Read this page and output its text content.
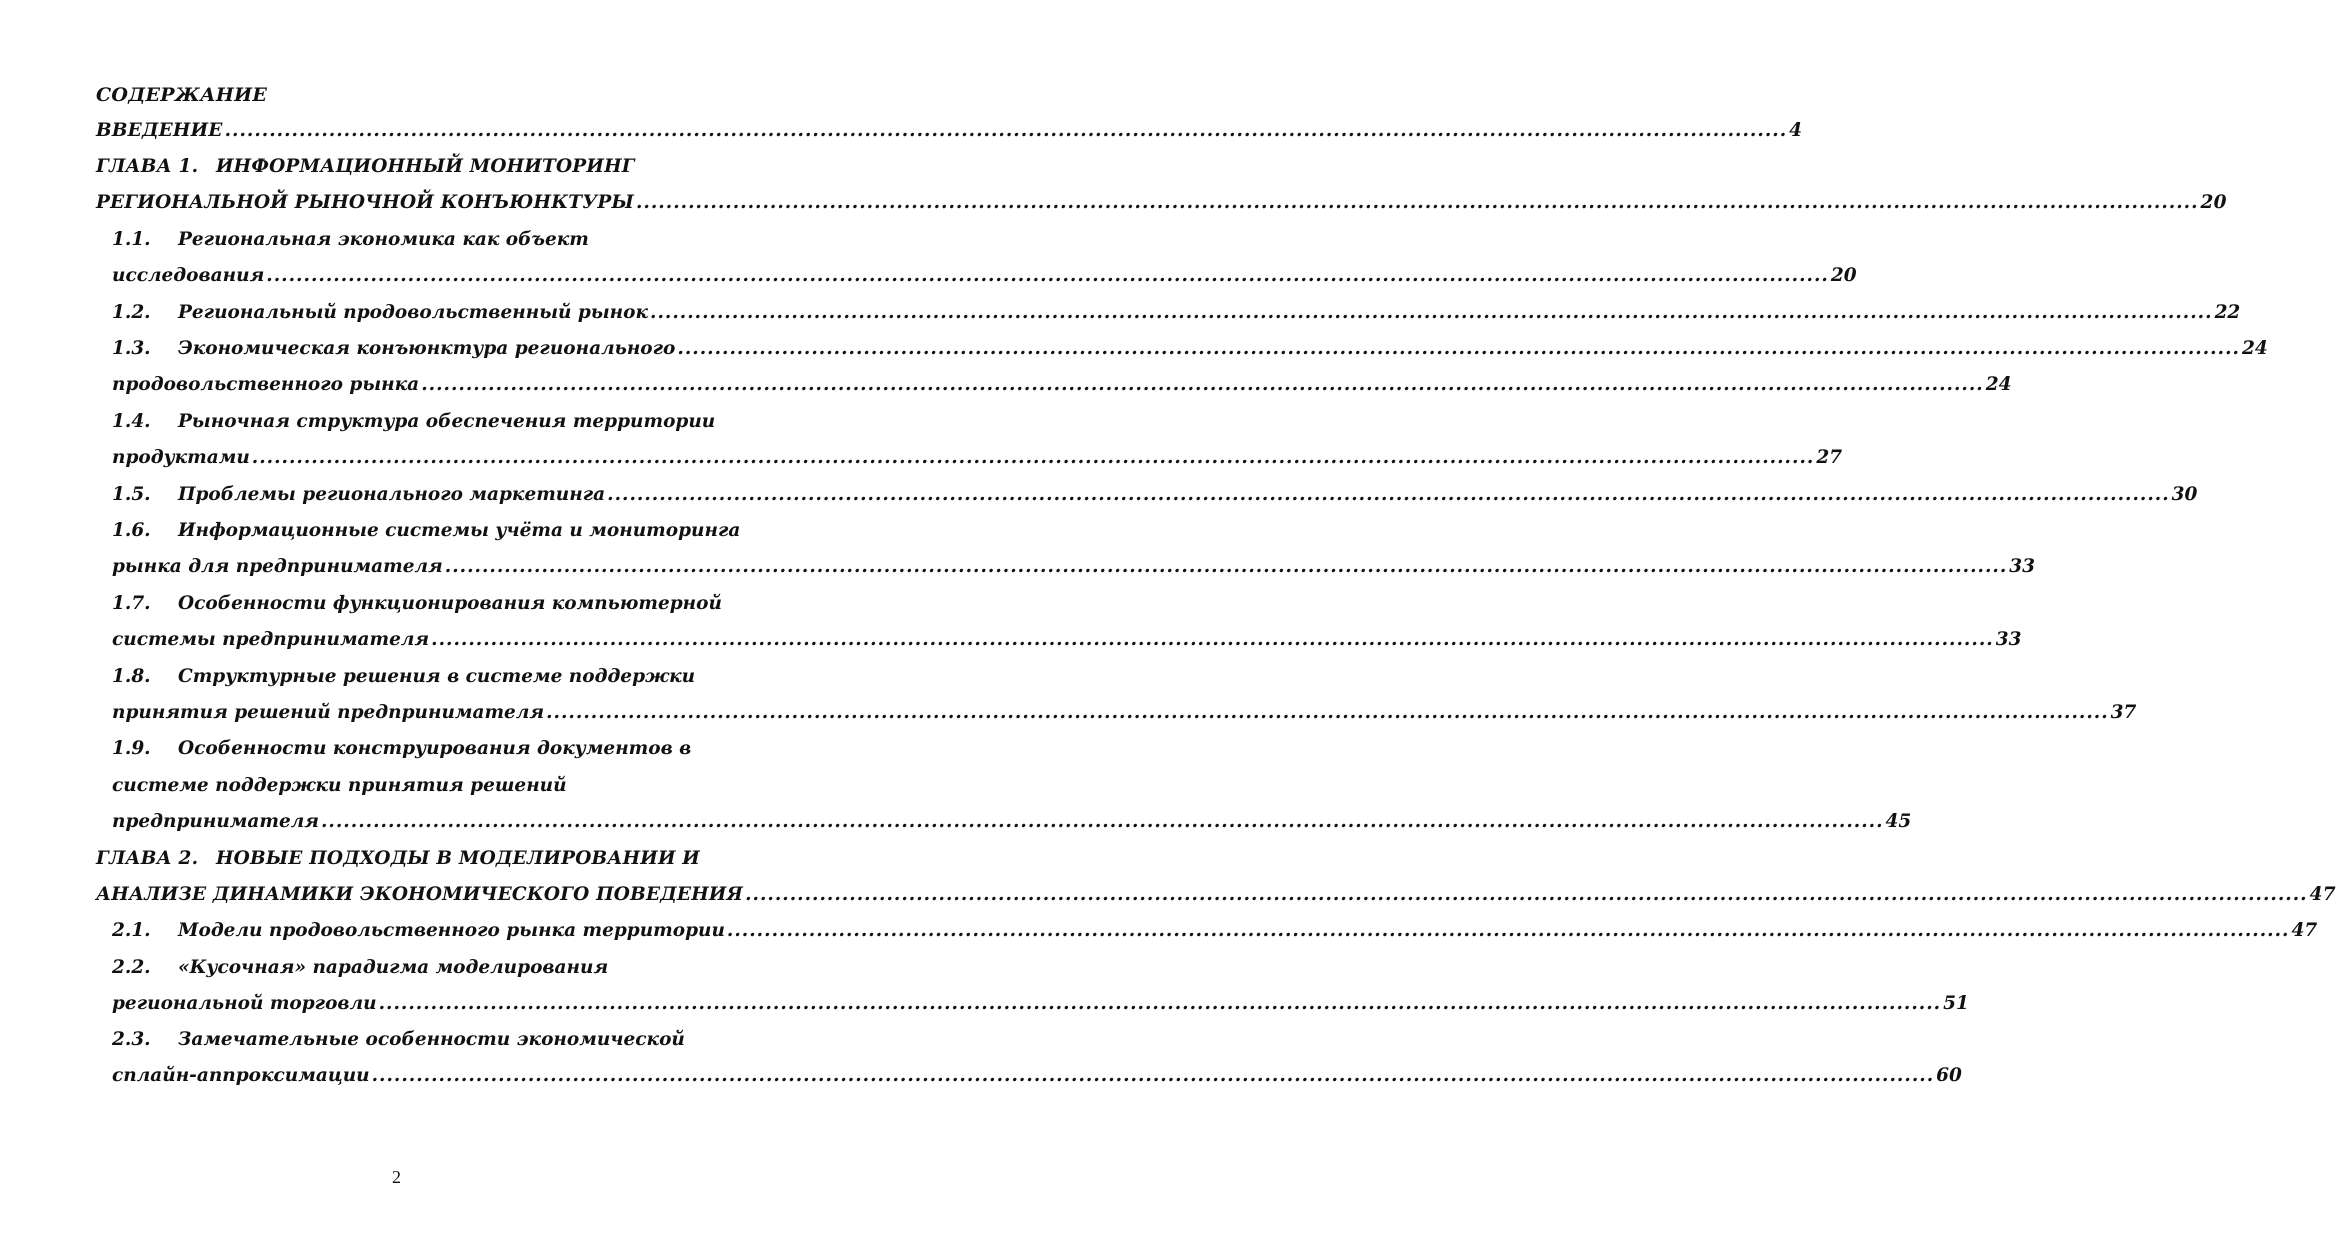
СОДЕРЖАНИЕ
ВВЕДЕНИЕ .....	4
ГЛАВА 1. ИНФОРМАЦИОННЫЙ МОНИТОРИНГ
РЕГИОНАЛЬНОЙ РЫНОЧНОЙ КОНЪЮНКТУРЫ .....	20
1.1.	Региональная экономика как объект
исследования .....	20
1.2.	Региональный продовольственный рынок .....	22
1.3.	Экономическая конъюнктура регионального .....	24
продовольственного рынка .....	24
1.4.	Рыночная структура обеспечения территории
продуктами .....	27
1.5.	Проблемы регионального маркетинга .....	30
1.6.	Информационные системы учёта и мониторинга
рынка для предпринимателя .....	33
1.7.	Особенности функционирования компьютерной
системы предпринимателя .....	33
1.8.	Структурные решения в системе поддержки
принятия решений предпринимателя .....	37
1.9.	Особенности конструирования документов в
системе поддержки принятия решений
предпринимателя .....	45
ГЛАВА 2. НОВЫЕ ПОДХОДЫ В МОДЕЛИРОВАНИИ И
АНАЛИЗЕ ДИНАМИКИ ЭКОНОМИЧЕСКОГО ПОВЕДЕНИЯ .....	47
2.1.	Модели продовольственного рынка территории .....	47
2.2.	«Кусочная» парадигма моделирования
региональной торговли .....	51
2.3.	Замечательные особенности экономической
сплайн-аппроксимации .....	60
2
